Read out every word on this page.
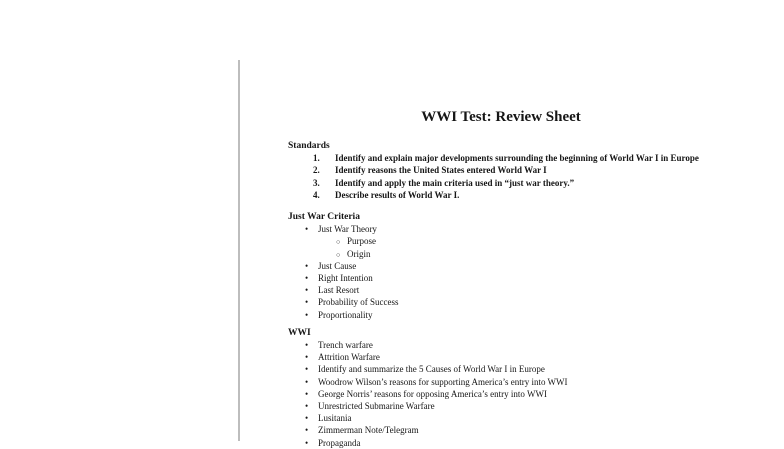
WWI Test: Review Sheet
Standards
Identify and explain major developments surrounding the beginning of World War I in Europe
Identify reasons the United States entered World War I
Identify and apply the main criteria used in “just war theory.”
Describe results of World War I.
Just War Criteria
• Just War Theory
○ Purpose
○ Origin
• Just Cause
• Right Intention
• Last Resort
• Probability of Success
• Proportionality
WWI
• Trench warfare
• Attrition Warfare
• Identify and summarize the 5 Causes of World War I in Europe
• Woodrow Wilson’s reasons for supporting America’s entry into WWI
• George Norris’ reasons for opposing America’s entry into WWI
• Unrestricted Submarine Warfare
• Lusitania
• Zimmerman Note/Telegram
• Propaganda
